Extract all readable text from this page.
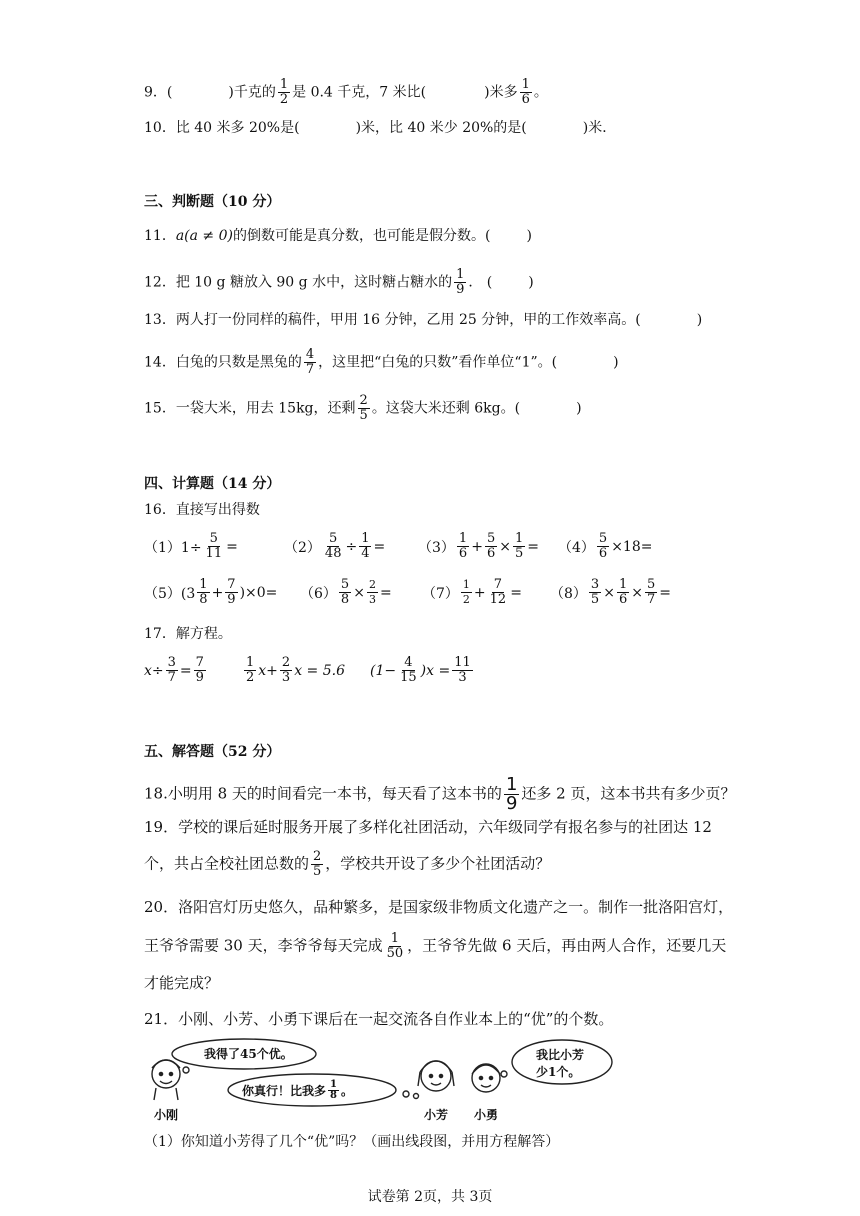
9．(	)千克的 $\frac{1}{2}$ 是 0.4 千克，7 米比(	)米多 $\frac{1}{6}$ 。
10．比 40 米多 20%是(	)米，比 40 米少 20%的是(	)米．
三、判断题（10 分）
11．a(a ≠ 0)的倒数可能是真分数，也可能是假分数。(	)
12．把 10 g 糖放入 90 g 水中，这时糖占糖水的 $\frac{1}{9}$ ． (	)
13．两人打一份同样的稿件，甲用 16 分钟，乙用 25 分钟，甲的工作效率高。(	)
14．白兔的只数是黑兔的 $\frac{4}{7}$ ，这里把“白兔的只数”看作单位“1”。(	)
15．一袋大米，用去 15kg，还剩 $\frac{2}{5}$ 。这袋大米还剩 6kg。(	)
四、计算题（14 分）
16．直接写出得数
$(1)1\div \frac{5}{11}$ =	$(2) \frac{5}{48} \div \frac{1}{4} = (3) \frac{1}{6} + \frac{5}{6} \times \frac{1}{5} = (4) \frac{5}{6} \times 18=$
$(5)(3 \frac{1}{8} + \frac{7}{9} )\times 0= (6) \frac{5}{8} \times \frac{2}{3} = (7) \frac{1}{2} + \frac{7}{12} = (8) \frac{3}{5} \times \frac{1}{6} \times \frac{5}{7}$ =
17．解方程。
$x\div \frac{3}{7} = \frac{7}{9}$	$\frac{1}{2} x+ \frac{2}{3}$ x = 5.6 $(1- \frac{4}{15} )x = \frac{11}{3}$
五、解答题（52 分）
18.小明用 8 天的时间看完一本书，每天看了这本书的 $\frac{1}{9}$ 还多 2 页，这本书共有多少页？
19．学校的课后延时服务开展了多样化社团活动，六年级同学有报名参与的社团达 12
个，共占全校社团总数的 $\frac{2}{5}$ ，学校共开设了多少个社团活动？
20．洛阳宫灯历史悠久，品种繁多，是国家级非物质文化遗产之一。制作一批洛阳宫灯，
王爷爷需要 30 天，李爷爷每天完成 $\frac{1}{50}$ ，王爷爷先做 6 天后，再由两人合作，还要几天
才能完成？
21．小刚、小芳、小勇下课后在一起交流各自作业本上的“优”的个数。
我得了45个优。
你真行！比我多 $\frac{1}{8}$ 。
我比小芳
少1个。
小刚	小芳 小勇
（1）你知道小芳得了几个“优”吗？（画出线段图，并用方程解答）
试卷第 2页，共 3页
